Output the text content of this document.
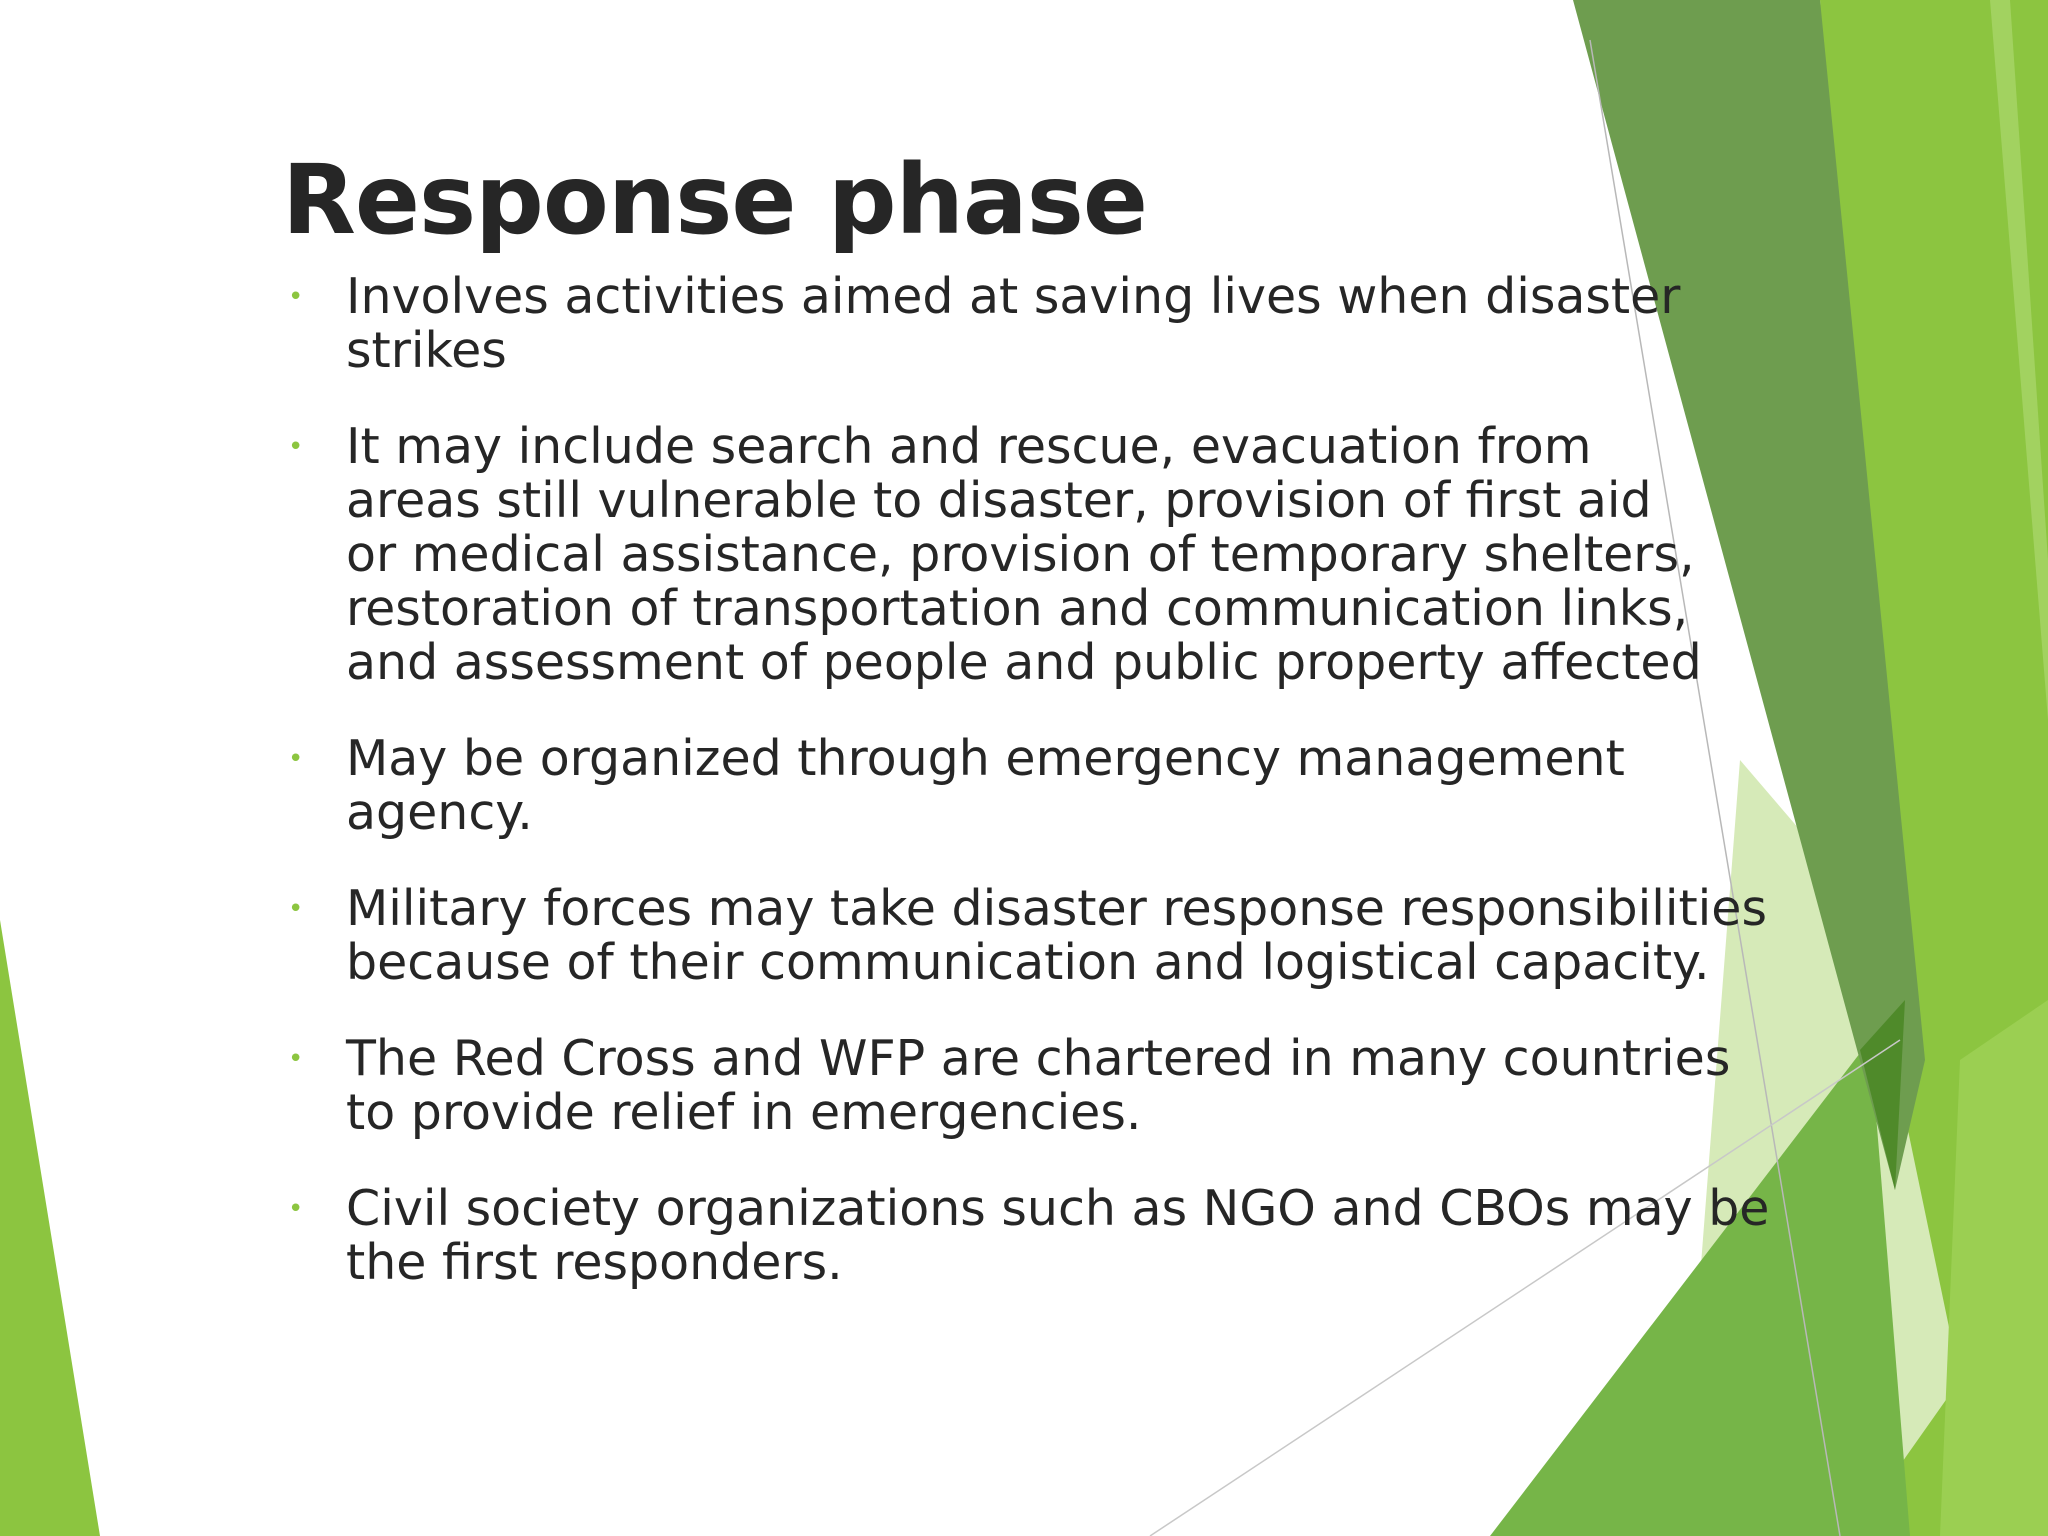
Response phase
• Involves activities aimed at saving lives when disaster
strikes
• It may include search and rescue, evacuation from
areas still vulnerable to disaster, provision of first aid
or medical assistance, provision of temporary shelters,
restoration of transportation and communication links,
and assessment of people and public property affected
• May be organized through emergency management
agency.
• Military forces may take disaster response responsibilities
because of their communication and logistical capacity.
• The Red Cross and WFP are chartered in many countries
to provide relief in emergencies.
• Civil society organizations such as NGO and CBOs may be
the first responders.
